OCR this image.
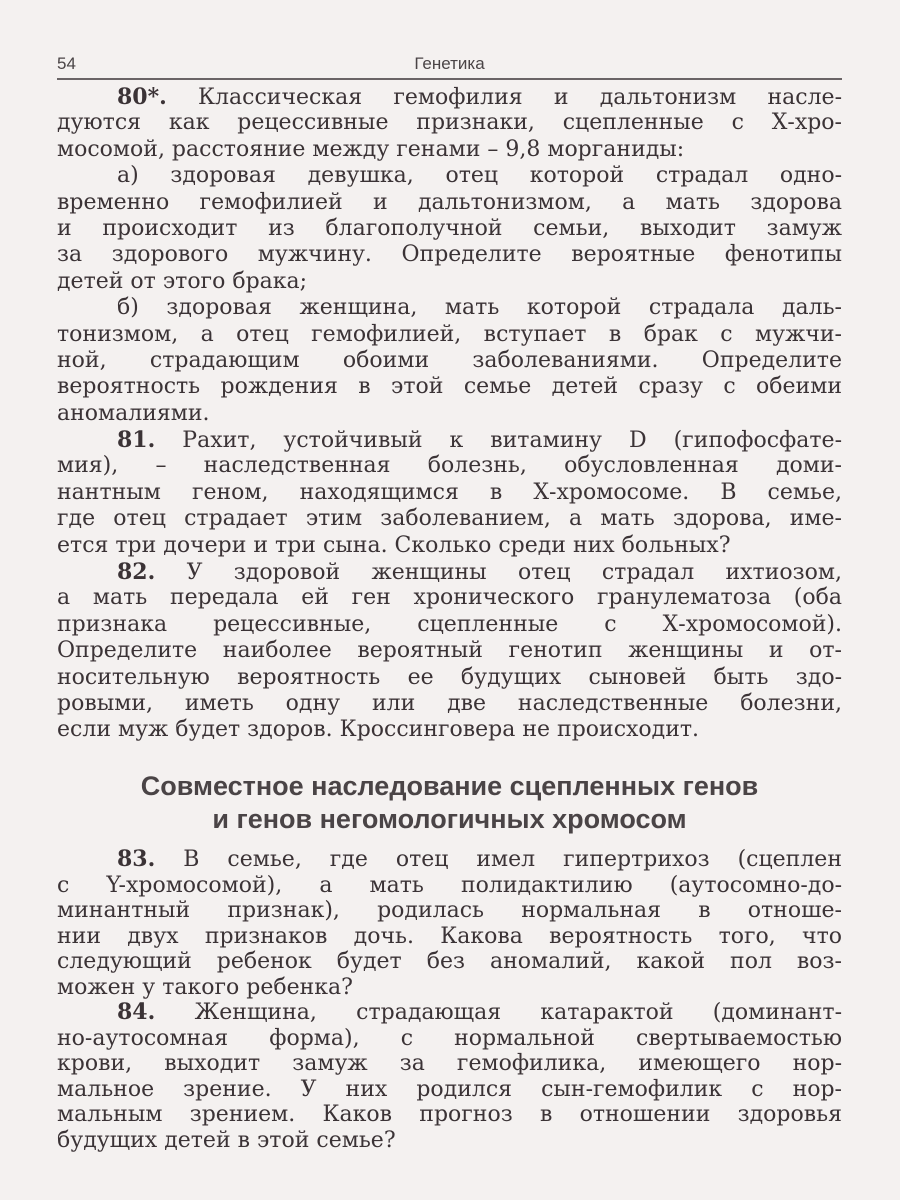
54	Генетика
80*. Классическая гемофилия и дальтонизм насле-
дуются как рецессивные признаки, сцепленные с Х-хро-
мосомой, расстояние между генами – 9,8 морганиды:
а) здоровая девушка, отец которой страдал одно-
временно гемофилией и дальтонизмом, а мать здорова
и происходит из благополучной семьи, выходит замуж
за здорового мужчину. Определите вероятные фенотипы
детей от этого брака;
б) здоровая женщина, мать которой страдала даль-
тонизмом, а отец гемофилией, вступает в брак с мужчи-
ной, страдающим обоими заболеваниями. Определите
вероятность рождения в этой семье детей сразу с обеими
аномалиями.
81. Рахит, устойчивый к витамину D (гипофосфате-
мия), – наследственная болезнь, обусловленная доми-
нантным геном, находящимся в Х-хромосоме. В семье,
где отец страдает этим заболеванием, а мать здорова, име-
ется три дочери и три сына. Сколько среди них больных?
82. У здоровой женщины отец страдал ихтиозом,
а мать передала ей ген хронического гранулематоза (оба
признака рецессивные, сцепленные с Х-хромосомой).
Определите наиболее вероятный генотип женщины и от-
носительную вероятность ее будущих сыновей быть здо-
ровыми, иметь одну или две наследственные болезни,
если муж будет здоров. Кроссинговера не происходит.
Совместное наследование сцепленных генов
и генов негомологичных хромосом
83. В семье, где отец имел гипертрихоз (сцеплен
с Y-хромосомой), а мать полидактилию (аутосомно-до-
минантный признак), родилась нормальная в отноше-
нии двух признаков дочь. Какова вероятность того, что
следующий ребенок будет без аномалий, какой пол воз-
можен у такого ребенка?
84. Женщина, страдающая катарактой (доминант-
но-аутосомная форма), с нормальной свертываемостью
крови, выходит замуж за гемофилика, имеющего нор-
мальное зрение. У них родился сын-гемофилик с нор-
мальным зрением. Каков прогноз в отношении здоровья
будущих детей в этой семье?
